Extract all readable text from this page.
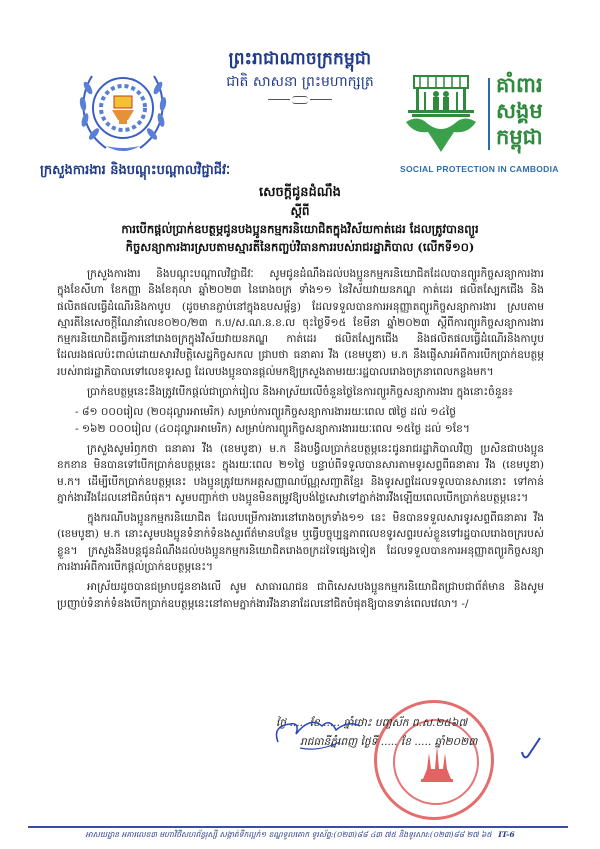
ព្រះរាជាណាចក្រកម្ពុជា
ជាតិ សាសនា ព្រះមហាក្សត្រ
ក្រសួងការងារ និងបណ្តុះបណ្តាលវិជ្ជាជីវៈ
គាំពារ
សង្គម
កម្ពុជា
SOCIAL PROTECTION IN CAMBODIA
សេចក្តីជូនដំណឹង
ស្តីពី
ការបើកផ្តល់ប្រាក់ឧបត្ថម្ភជូនបងប្អូនកម្មករនិយោជិតក្នុងវិស័យកាត់ដេរ ដែលត្រូវបានព្យួរ
កិច្ចសន្យាការងារស្របតាមស្មារតីនៃកញ្ចប់វិធានការរបស់រាជរដ្ឋាភិបាល (លើកទី១០)

ក្រសួងការងារ និងបណ្តុះបណ្តាលវិជ្ជាជីវៈ សូមជូនដំណឹងដល់បងប្អូនកម្មករនិយោជិតដែលបានព្យួរកិច្ចសន្យាការងារ ក្នុងខែសីហា ខែកញ្ញា និងខែតុលា ឆ្នាំ២០២៣ នៃរោងចក្រ ទាំង១១ នៃវិស័យវាយនភណ្ឌ កាត់ដេរ ផលិតស្បែកជើង និងផលិតផលធ្វើដំណើរនិងកាបូប (ដូចមានភ្ជាប់នៅក្នុងឧបសម្ព័ន្ធ) ដែលទទួលបានការអនុញ្ញាតព្យួរកិច្ចសន្យាការងារ ស្របតាមស្មារតីនៃសេចក្តីណែនាំលេខ០២០/២៣ ក.ប/ស.ណ.ន.ខ.ល ចុះថ្ងៃទី១៥ ខែមីនា ឆ្នាំ២០២៣ ស្តីពីការព្យួរកិច្ចសន្យាការងារកម្មករនិយោជិតធ្វើការនៅរោងចក្រក្នុងវិស័យវាយនភណ្ឌ កាត់ដេរ ផលិតស្បែកជើង និងផលិតផលធ្វើដំណើរនិងកាបូប ដែលរងផលប៉ះពាល់ដោយសារវិបត្តិសេដ្ឋកិច្ចសកល ជ្រាបថា ធនាគារ វីង (ខេមបូឌា) ម.ក នឹងផ្ញើសារអំពីការបើកប្រាក់ឧបត្ថម្ភរបស់រាជរដ្ឋាភិបាលទៅលេខទូរសព្ទ ដែលបងប្អូនបានផ្តល់មកឱ្យក្រសួងតាមរយៈរដ្ឋបាលរោងចក្រនាពេលកន្លងមក។

ប្រាក់ឧបត្ថម្ភនេះនឹងត្រូវបើកផ្តល់ជាប្រាក់រៀល និងអាស្រ័យលើចំនួនថ្ងៃនៃការព្យួរកិច្ចសន្យាការងារ ក្នុងនោះចំនួន៖

- ៨១ ០០០រៀល (២០ដុល្លារអាមេរិក) សម្រាប់ការព្យួរកិច្ចសន្យាការងាររយៈពេល ៧ថ្ងៃ ដល់ ១៤ថ្ងៃ

- ១៦២ ០០០រៀល (៤០ដុល្លារអាមេរិក) សម្រាប់ការព្យួរកិច្ចសន្យាការងាររយៈពេល ១៥ថ្ងៃ ដល់ ១ខែ។

ក្រសួងសូមរំឭកថា ធនាគារ វីង (ខេមបូឌា) ម.ក នឹងបង្វិលប្រាក់ឧបត្ថម្ភនេះជូនរាជរដ្ឋាភិបាលវិញ ប្រសិនជាបងប្អូនខកខាន មិនបានទៅបើកប្រាក់ឧបត្ថម្ភនេះ ក្នុងរយៈពេល ២១ថ្ងៃ បន្ទាប់ពីទទួលបានសារតាមទូរសព្ទពីធនាគារ វីង (ខេមបូឌា) ម.ក។ ដើម្បីបើកប្រាក់ឧបត្ថម្ភនេះ បងប្អូនត្រូវយកអត្តសញ្ញាណប័ណ្ណសញ្ជាតិខ្មែរ និងទូរសព្ទដែលទទួលបានសារនោះ ទៅកាន់ភ្នាក់ងារវីងដែលនៅជិតបំផុត។ សូមបញ្ជាក់ថា បងប្អូនមិនតម្រូវឱ្យបង់ថ្លៃសេវាទៅភ្នាក់ងារវីងឡើយពេលបើកប្រាក់ឧបត្ថម្ភនេះ។

ក្នុងករណីបងប្អូនកម្មករនិយោជិត ដែលបម្រើការងារនៅរោងចក្រទាំង១១ នេះ មិនបានទទួលសារទូរសព្ទពីធនាគារ វីង (ខេមបូឌា) ម.ក នោះសូមបងប្អូនទំនាក់ទំនងសួរព័ត៌មានបន្ថែម ឬធ្វើបច្ចុប្បន្នភាពលេខទូរសព្ទរបស់ខ្លួនទៅរដ្ឋបាលរោងចក្ររបស់ខ្លួន។ ក្រសួងនឹងបន្តជូនដំណឹងដល់បងប្អូនកម្មករនិយោជិតរោងចក្រដទៃផ្សេងទៀត ដែលទទួលបានការអនុញ្ញាតព្យួរកិច្ចសន្យាការងារអំពីការបើកផ្តល់ប្រាក់ឧបត្ថម្ភនេះ។

អាស្រ័យដូចបានជម្រាបជូនខាងលើ សូម សាធារណជន ជាពិសេសបងប្អូនកម្មករនិយោជិតជ្រាបជាព័ត៌មាន និងសូមប្រញាប់ទំនាក់ទំនងបើកប្រាក់ឧបត្ថម្ភនេះនៅតាមភ្នាក់ងារវីងនានាដែលនៅជិតបំផុតឱ្យបានទាន់ពេលវេលា។ -/

ថ្ងៃ ..... ខែ ..... ឆ្នាំថោះ បញ្ចស័ក ព.ស.២៥៦៧
រាជធានីភ្នំពេញ ថ្ងៃទី ..... ខែ ..... ឆ្នាំ២០២៣
អាសយដ្ឋាន អគារលេខ៣ មហាវិថីសហព័ន្ធរុស្សី សង្កាត់ទឹកល្អក់១ ខណ្ឌទួលគោក ទូរស័ព្ទ:(០២៣)៨៨ ៤៣ ៧៥ និងទូរសារ:(០២៣)៨៨ ២៧ ៦៥ IT-6
